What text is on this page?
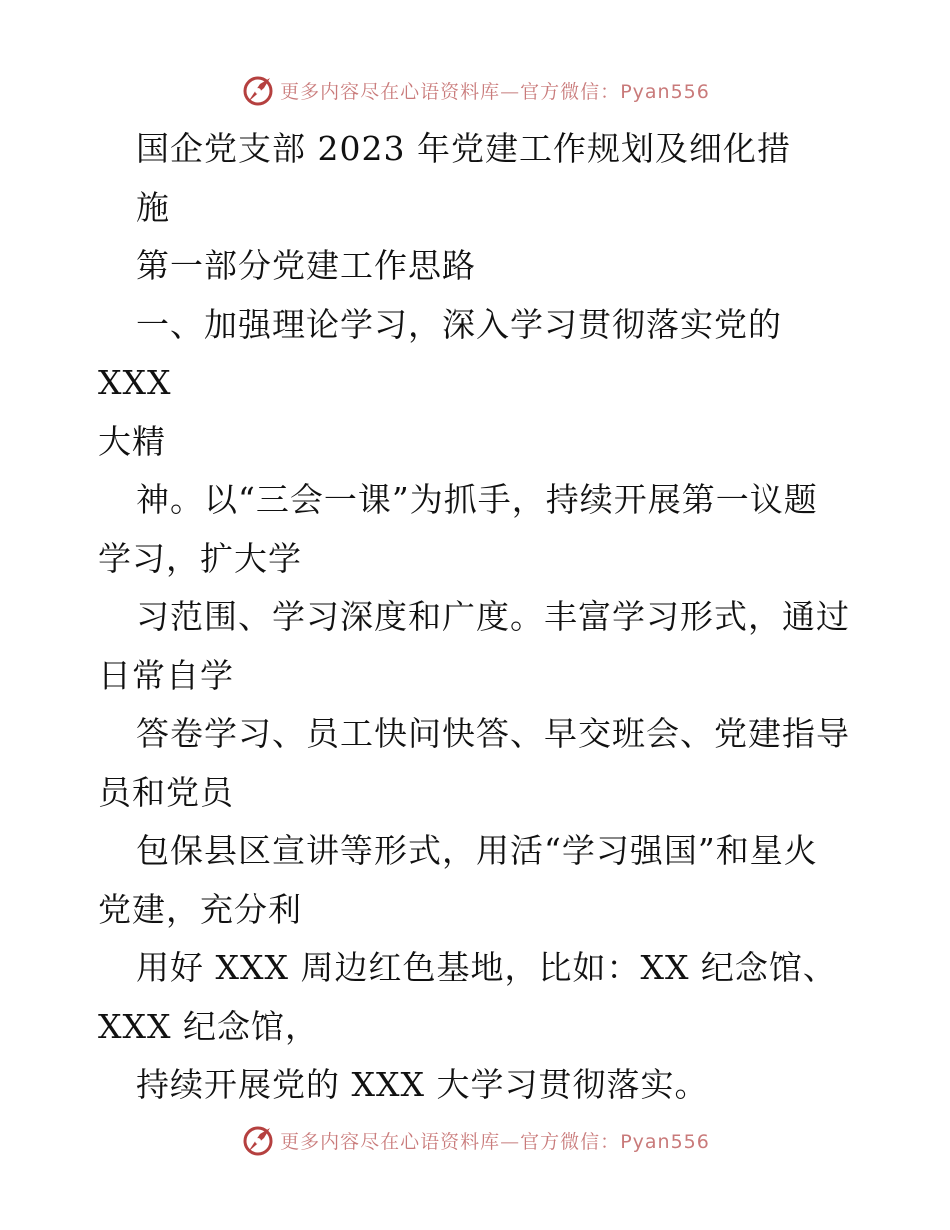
更多内容尽在心语资料库—官方微信：Pyan556

国企党支部 2023 年党建工作规划及细化措

施

第一部分党建工作思路

一、加强理论学习，深入学习贯彻落实党的 XXX

大精

神。以“三会一课”为抓手，持续开展第一议题

学习，扩大学

习范围、学习深度和广度。丰富学习形式，通过

日常自学

答卷学习、员工快问快答、早交班会、党建指导

员和党员

包保县区宣讲等形式，用活“学习强国”和星火

党建，充分利

用好 XXX 周边红色基地，比如：XX 纪念馆、

XXX 纪念馆，

持续开展党的 XXX 大学习贯彻落实。

更多内容尽在心语资料库—官方微信：Pyan556
